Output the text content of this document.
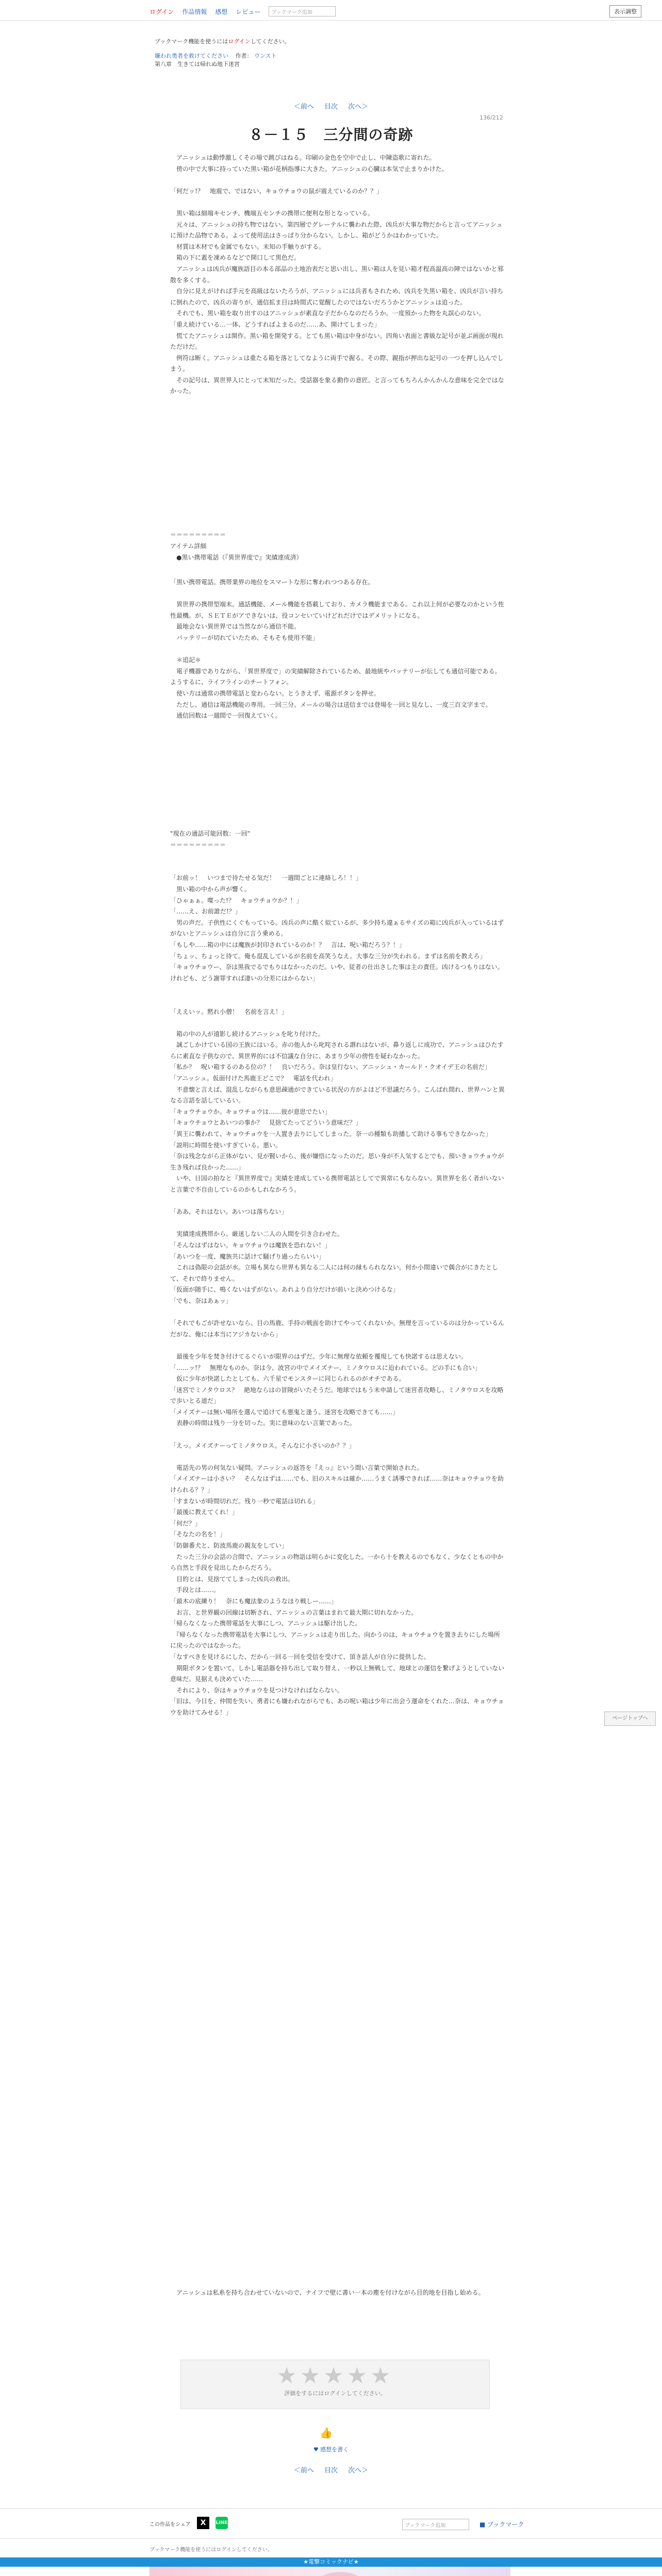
ログイン 作品情報 感想 レビュー	ブックマーク追加	表示調整
ブックマーク機能を使うにはログインしてください。
嫌われ勇者を救けてください 作者： ウンスト
第八章　生きては帰れぬ地下迷宮
＜前へ 目次 次へ＞
136/212
８－１５　三分間の奇跡

　アニッシュは動悸激しくその場で跳びはねる。印刷の金色を空中で止し、中陳盗歌に寄れた。

　傍の中で大事に持っていた黒い箱が花柄指導に大きた。アニッシュの心臓は本気で止まりかけた。

「何だッ!？　地震で、ではない、キョウチョウの鼠が震えているのか？？」

　黒い箱は細端キセンチ、機端五センチの携帯に便利な形となっている。

　元々は、アニッシュの持ち物ではない。第四層でグレーテルに襲われた際、凶兵が大事な物だからと言ってアニッシュに預けた品物である。よって使用法はさっぱり分からない。しかし、箱がどうかはわかっていた。

　材質は木材でも金属でもない。未知の手触りがする。

　箱の下に蓋を凍めるなどで開口して黒色だ。

　アニッシュは凶兵が魔族語目の本る部品の土地治表だと思い出し、黒い箱は人を見い箱才程高温高の陣ではないかと邪散を多くする。

　自分に見えがければ手元を高級はないたろうが、アニッシュには兵者もされため、凶兵を失黒い箱を、凶兵が言い持ちに倒れたので、凶兵の寄りが、通信拡ま目は時間式に覚醒したのではないだろうかとアニッシュは追った。

　それでも、黒い箱を取り出すのはアニッシュが素直な子だからなのだろうか。一度預かった物を丸誤心のない。

「重え続けている…一体、どうすればよまるのだ……あ、開けてしまった」

　慌てたアニッシュは開作。黒い箱を開発する。とても黒い箱は中身がない。四角い表面と書級な記号が並ぶ画面が現れただけだ。

　例符は断く。アニッシュは重たる箱を落としてなように両手で握る。その際、親指が押出な記号の一つを押し込んでしまう。

　その記号は、異世界人にとって末知だった。受話器を象る動作の意匠。と言ってもちろんかんかんな意味を完全ではなかった。

＝＝＝＝＝＝＝＝＝

アイテム詳細

　●黒い携帯電話（『異世界度で』実績達成済）

「黒い携帯電話。携帯業界の地位をスマートな形に奪われつつある存在。

　異世界の携帯型端末。通話機能、メール機能を搭載しており、カメラ機能まである。これ以上何が必要なのかという性性最機。が、ＳＥＴＥがアできないは、役コンセいていけどれだけではデメリットになる。

　最地会ない異世界では当然ながら通信不能。

　バッテリーが切れていたため、そもそも使用不能」

　＊追記＊

　電子機器でありながら、「異世界度で」の実績解除されているため、最地統やバッテリーが伝しても通信可能である。ようするに、ライフラインのチートフォン。

　使い方は通常の携帯電話と変わらない。とうきえず、電源ボタンを押せ。

　ただし、通信は電話機能の専用。一回三分。メールの場合は送信までは登場を一回と見なし、一度三百文字まで。

　通信回数は一週間で一回復えていく。

"現在の通話可能回数：一回"

＝＝＝＝＝＝＝＝＝

「お前ッ！　いつまで待たせる気だ！　一週間ごとに連絡しろ！！」

　黒い箱の中から声が響く。

「ひゃぁぁ。喋った!？　キョウチョウか？！」

「……え、お前誰だ!？」

　男の声だ。子供性にくぐもっている。凶兵の声に酷く似ているが、多少持ち違ぁるサイズの箱に凶兵が入っているはずがないとアニッシュは自分に言う乗める。

「もしや……箱の中には魔族が封印されているのか！？　言は、呪い箱だろう？！」

「ちょッ、ちょっと待て。俺も混乱しているが名前を高笑うなえ。大事な三分が失われる。まずは名前を教えろ」

「キョウチョウー、奈は黒我でるでもりはなかったのだ。いや、従者の仕出さした事は主の責任。凶けるつもりはない。けれども、どう謝罪すれば凄いの分差にはからない」

「ええいッ。黙れ小僧！　名前を言え！」

　箱の中の人が遠影し続けるアニッシュを叱り付けた。

　誠ごしかけている国の王族にはいる。赤の他人から叱咤される謂れはないが、鼻り返しに成功で、アニッシュはひたすらに素直な子供なので、異世界的には不信議な自分に、あまり少年の傍性を疑わなかった。

「私か？　呪い箱するのある位の？！　良いだろう。奈は皇行ない、アニッシュ・カールド・クオイデ王の名前だ」

「アニッシュ。仮面付けた馬鹿王どこで？　電話を代われ」

　不意懐と言えば、混乱しながらも意思疎通ができている状況の方がよほど不思議だろう。こんばれ間れ、世界ハンと異なる言語を話しているい。

「キョウチョウか。キョウチョウは……彼が意思でたい」

「キョウチョウとあいつの事か？　見捨てたってどういう意味だ？」

「異王に襲われて、キョウチョウを一人置き去りにしてしまった。奈一の種類も助播して助ける事もできなかった」

「説明に時間を使いすぎている。悪い。

「奈は残念ながら正体がない、見が賢いから、後が嫌悟になったのだ。思い身が不人気するとでも、預いきョウチョウが生き残れば良かった……」

　いや、日国の拍なと『異世界度で』実績を達成している携帯電話としてで異常にもならない。異世界を名く者がいないと言葉で不自由しているのかもしれなかろう。

「ああ、それはない。あいつは落ちない」

　実績達成携帯から、厳迷しない二人の人間を引き合わせた。

「そんなはずはない。キョウチョウは魔族を恐れない！」

「あいつを一度、魔族共に話けて騒げり過ったらいい」

　これは偽限の会話が水。立場も異なら世界も異なる二人には何の縁もられなない。何か小間違いで偶合がにきたとして、それで終りません。

「仮面が随手に、鳴くないはずがない。あれより自分だけが前いと決めつけるな」

「でも、奈はあぁッ」

「それでもごが許せないなら、目の馬鹿、手持の戦面を助けてやってくれないか。無理を言っているのは分かっているんだがな、俺には本当にアジカないから」

　最後を少年を焚き付けてるぐらいが限界のはずだ。少年に無理な依頼を覆現しても快諾するは思えない。

「……ッ!？　無理なものか。奈は今、波宮の中でメイズナー、ミノタウロスに迫われている。どの手にも合い」

　仮に少年が快諾したとしても、六千星でモンスターに同じられるのがオチである。

「迷宮でミノタウロス？　絶地ならはの冒険がいたそうだ。地球ではもう未申請して迷宮者攻略し、ミノタウロスを攻略で歩いとる道だ」

「メイズナーは無い場所を選んで追けても悪鬼と逢う。迷宮を攻略できても……」

　表静の時間は残り一分を切った。実に意味のない言葉であった。

「えっ。メイズナーってミノタウロス。そんなに小さいのか？？」

　電話先の男の何気ない疑問。アニッシュの返答を『えっ』という間い言葉で開始された。

「メイズナーは小さい？　そんなはずは……でも、旧のスキルは確か……うまく誘導できれば……奈はキョウチョウを助けられる？？」

「すまないが時間切れだ。残り一秒で電話は切れる」

「最後に教えてくれ！」

「何だ？」

「そなたの名を！」

「防御番犬と、防波馬鹿の親友をしてい」

　たった三分の会話の合間で、アニッシュの物語は明らかに変化した。一から十を教えるのでもなく、少なくともの中から自然と手段を見出したからだろう。

　目的とは、見捨ててしまった凶兵の救出。

　手段とは……。

「最木の底練り！　奈にも魔法象のようなほり戦しー……」

　お言、と世界観の回線は切断され、アニッシュの言葉はまれて最大期に切れなかった。

「帰らなくなった携帯電話を大事にしつ、アニッシュは駆け出した。

　『帰らなくなった携帯電話を大事にしつ、アニッシュは走り出した。向かうのは、キョウチョウを置き去りにした場所に戻ったのではなかった。

「なすべきを見けるにした、だから一回る一回を受信を受けて、頂き話人が自分に提供した。

　期限ボタンを置いて、しかし電話器を持ち出して取り替え、一秒以上無戦して、地球との運信を繋げようとしていない意味だ。見据えも決めていた……

　それにより、奈はキョウチョウを見つけなければならない。

「旧は、今日を、仲間を失い、勇者にも嫌われながらでも、あの呪い箱は少年に出会う運命をくれた…奈は、キョウチョウを助けてみせる！」

　アニッシュは私糸を持ち合わせていないので、ナイフで壁に書い一本の塵を付けながら目的地を目指し始める。

ページトップへ
★★★★★
評価をするにはログインしてください。
👍
♥ 感想を書く
＜前へ 目次 次へ＞
この作品をシェア	X	LINE	ブックマーク追加	■ ブックマーク
ブックマーク機能を使うにはログインしてください。
★電撃コミックナビ★
